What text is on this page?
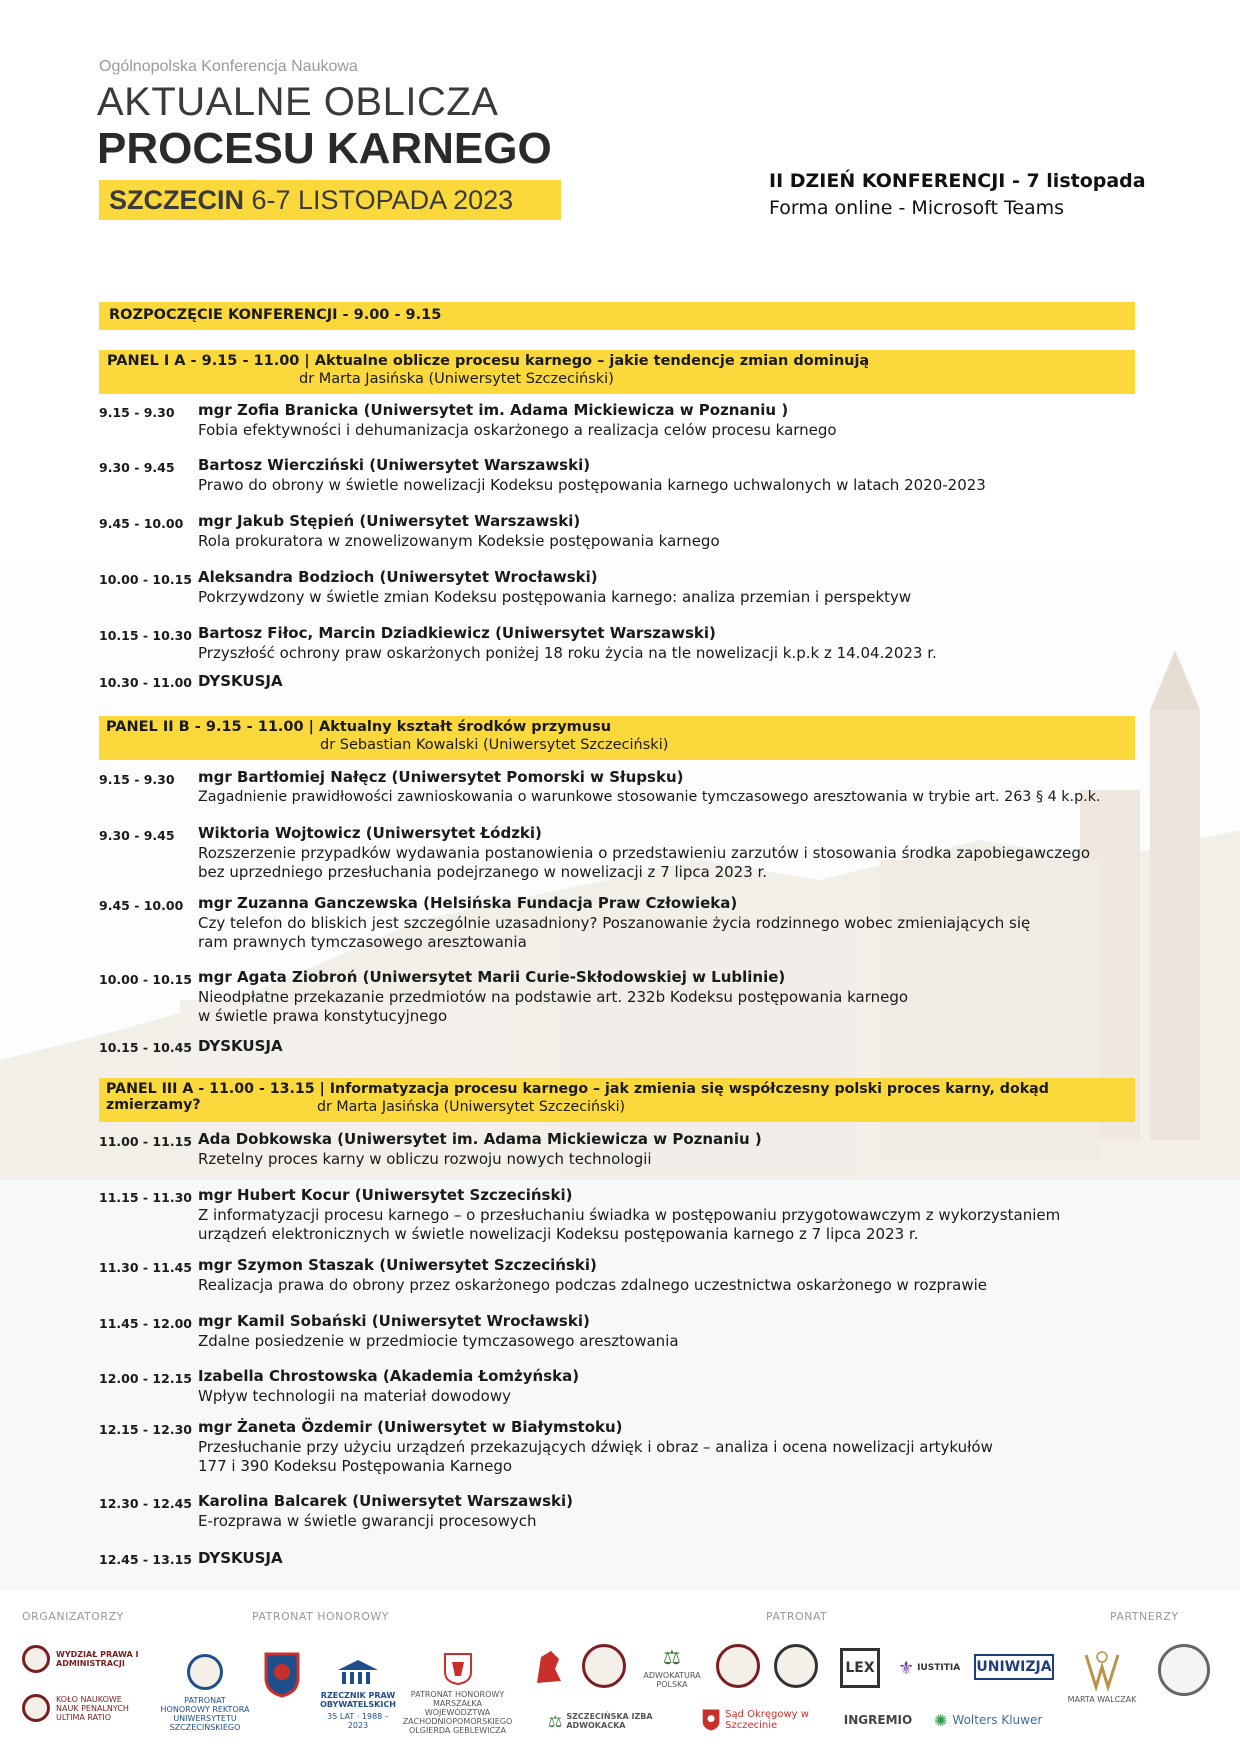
Ogólnopolska Konferencja Naukowa
AKTUALNE OBLICZA
PROCESU KARNEGO
SZCZECIN 6-7 LISTOPADA 2023
II DZIEŃ KONFERENCJI - 7 listopada
Forma online - Microsoft Teams
ROZPOCZĘCIE KONFERENCJI - 9.00 - 9.15
PANEL I A - 9.15 - 11.00 | Aktualne oblicze procesu karnego – jakie tendencje zmian dominują
dr Marta Jasińska (Uniwersytet Szczeciński)
9.15 - 9.30 mgr Zofia Branicka (Uniwersytet im. Adama Mickiewicza w Poznaniu )
Fobia efektywności i dehumanizacja oskarżonego a realizacja celów procesu karnego
9.30 - 9.45 Bartosz Wiercziński (Uniwersytet Warszawski)
Prawo do obrony w świetle nowelizacji Kodeksu postępowania karnego uchwalonych w latach 2020-2023
9.45 - 10.00 mgr Jakub Stępień (Uniwersytet Warszawski)
Rola prokuratora w znowelizowanym Kodeksie postępowania karnego
10.00 - 10.15 Aleksandra Bodzioch (Uniwersytet Wrocławski)
Pokrzywdzony w świetle zmian Kodeksu postępowania karnego: analiza przemian i perspektyw
10.15 - 10.30 Bartosz Fiłoc, Marcin Dziadkiewicz (Uniwersytet Warszawski)
Przyszłość ochrony praw oskarżonych poniżej 18 roku życia na tle nowelizacji k.p.k z 14.04.2023 r.
10.30 - 11.00 DYSKUSJA
PANEL II B - 9.15 - 11.00 | Aktualny kształt środków przymusu
dr Sebastian Kowalski (Uniwersytet Szczeciński)
9.15 - 9.30 mgr Bartłomiej Nałęcz (Uniwersytet Pomorski w Słupsku)
Zagadnienie prawidłowości zawnioskowania o warunkowe stosowanie tymczasowego aresztowania w trybie art. 263 § 4 k.p.k.
9.30 - 9.45 Wiktoria Wojtowicz (Uniwersytet Łódzki)
Rozszerzenie przypadków wydawania postanowienia o przedstawieniu zarzutów i stosowania środka zapobiegawczego
bez uprzedniego przesłuchania podejrzanego w nowelizacji z 7 lipca 2023 r.
9.45 - 10.00 mgr Zuzanna Ganczewska (Helsińska Fundacja Praw Człowieka)
Czy telefon do bliskich jest szczególnie uzasadniony? Poszanowanie życia rodzinnego wobec zmieniających się
ram prawnych tymczasowego aresztowania
10.00 - 10.15 mgr Agata Ziobroń (Uniwersytet Marii Curie-Skłodowskiej w Lublinie)
Nieodpłatne przekazanie przedmiotów na podstawie art. 232b Kodeksu postępowania karnego
w świetle prawa konstytucyjnego
10.15 - 10.45 DYSKUSJA
PANEL III A - 11.00 - 13.15 | Informatyzacja procesu karnego – jak zmienia się współczesny polski proces karny, dokąd zmierzamy?	dr Marta Jasińska (Uniwersytet Szczeciński)
11.00 - 11.15 Ada Dobkowska (Uniwersytet im. Adama Mickiewicza w Poznaniu )
Rzetelny proces karny w obliczu rozwoju nowych technologii
11.15 - 11.30 mgr Hubert Kocur (Uniwersytet Szczeciński)
Z informatyzacji procesu karnego – o przesłuchaniu świadka w postępowaniu przygotowawczym z wykorzystaniem
urządzeń elektronicznych w świetle nowelizacji Kodeksu postępowania karnego z 7 lipca 2023 r.
11.30 - 11.45 mgr Szymon Staszak (Uniwersytet Szczeciński)
Realizacja prawa do obrony przez oskarżonego podczas zdalnego uczestnictwa oskarżonego w rozprawie
11.45 - 12.00 mgr Kamil Sobański (Uniwersytet Wrocławski)
Zdalne posiedzenie w przedmiocie tymczasowego aresztowania
12.00 - 12.15 Izabella Chrostowska (Akademia Łomżyńska)
Wpływ technologii na materiał dowodowy
12.15 - 12.30 mgr Żaneta Özdemir (Uniwersytet w Białymstoku)
Przesłuchanie przy użyciu urządzeń przekazujących dźwięk i obraz – analiza i ocena nowelizacji artykułów
177 i 390 Kodeksu Postępowania Karnego
12.30 - 12.45 Karolina Balcarek (Uniwersytet Warszawski)
E-rozprawa w świetle gwarancji procesowych
12.45 - 13.15 DYSKUSJA
ORGANIZATORZY	PATRONAT HONOROWY	PATRONAT	PARTNERZY
WYDZIAŁ PRAWA I ADMINISTRACJI
KOŁO NAUKOWE NAUK PENALNYCH ULTIMA RATIO
PATRONAT HONOROWY REKTORA UNIWERSYTETU SZCZECIŃSKIEGO
RZECZNIK PRAW OBYWATELSKICH
35 LAT · 1988 – 2023
PATRONAT HONOROWY MARSZAŁKA WOJEWÓDZTWA ZACHODNIOPOMORSKIEGO OLGIERDA GEBLEWICZA
⚖
ADWOKATURA POLSKA
LEX ⚜ IUSTITIA UNIWIZJA
⚖ SZCZECIŃSKA IZBA ADWOKACKA
Sąd Okręgowy w Szczecinie	INGREMIO ✺ Wolters Kluwer
MARTA WALCZAK
